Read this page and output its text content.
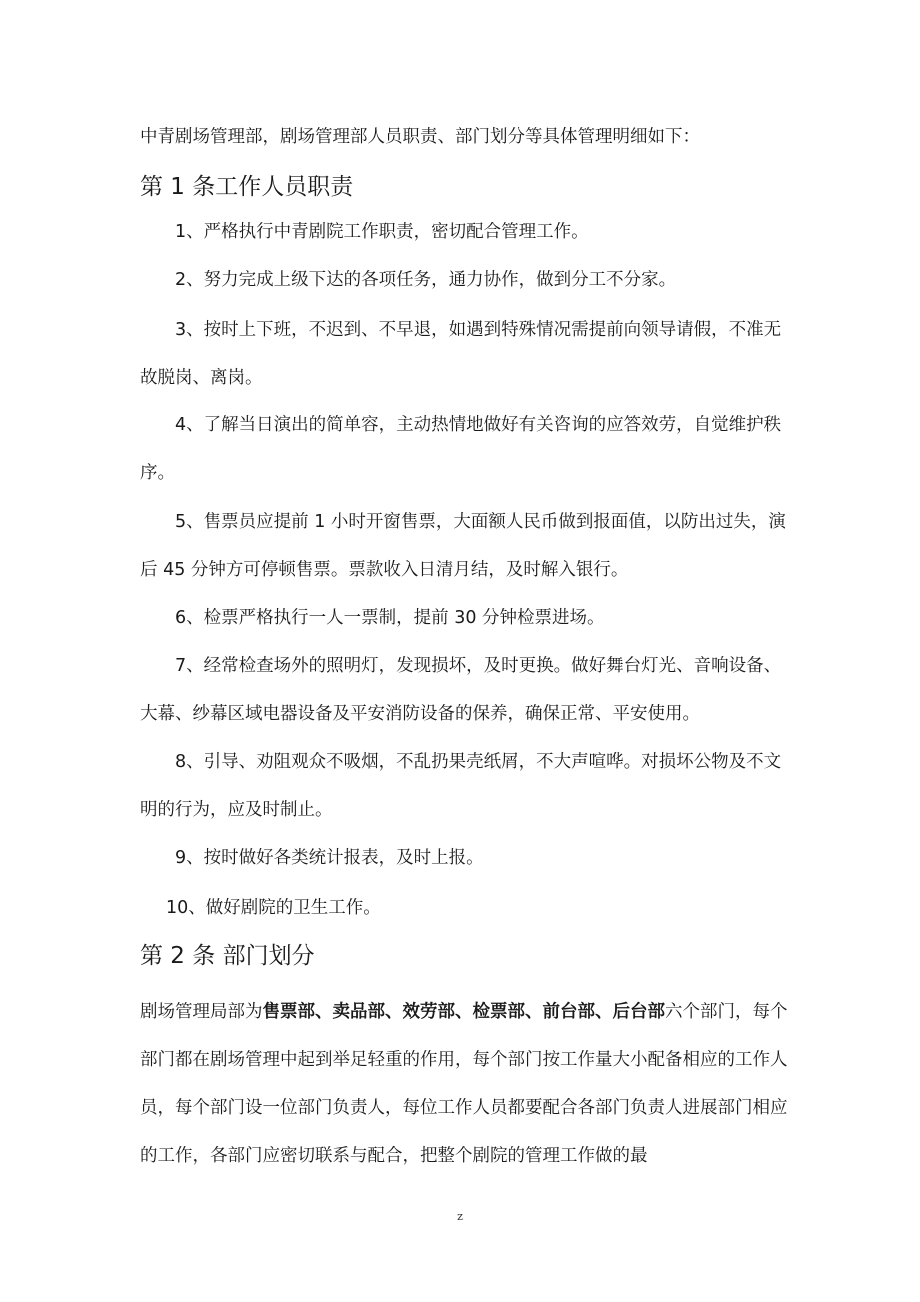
中青剧场管理部，剧场管理部人员职责、部门划分等具体管理明细如下：
第 1 条工作人员职责

1、严格执行中青剧院工作职责，密切配合管理工作。

2、努力完成上级下达的各项任务，通力协作，做到分工不分家。

3、按时上下班，不迟到、不早退，如遇到特殊情况需提前向领导请假，不准无故脱岗、离岗。

4、了解当日演出的简单容，主动热情地做好有关咨询的应答效劳，自觉维护秩序。

5、售票员应提前 1 小时开窗售票，大面额人民币做到报面值，以防出过失，演后 45 分钟方可停顿售票。票款收入日清月结，及时解入银行。

6、检票严格执行一人一票制，提前 30 分钟检票进场。

7、经常检查场外的照明灯，发现损坏，及时更换。做好舞台灯光、音响设备、大幕、纱幕区域电器设备及平安消防设备的保养，确保正常、平安使用。

8、引导、劝阻观众不吸烟，不乱扔果壳纸屑，不大声喧哗。对损坏公物及不文明的行为，应及时制止。

9、按时做好各类统计报表，及时上报。

10、做好剧院的卫生工作。

第 2 条 部门划分

剧场管理局部为售票部、卖品部、效劳部、检票部、前台部、后台部六个部门，每个部门都在剧场管理中起到举足轻重的作用，每个部门按工作量大小配备相应的工作人员，每个部门设一位部门负责人，每位工作人员都要配合各部门负责人进展部门相应的工作，各部门应密切联系与配合，把整个剧院的管理工作做的最

z
